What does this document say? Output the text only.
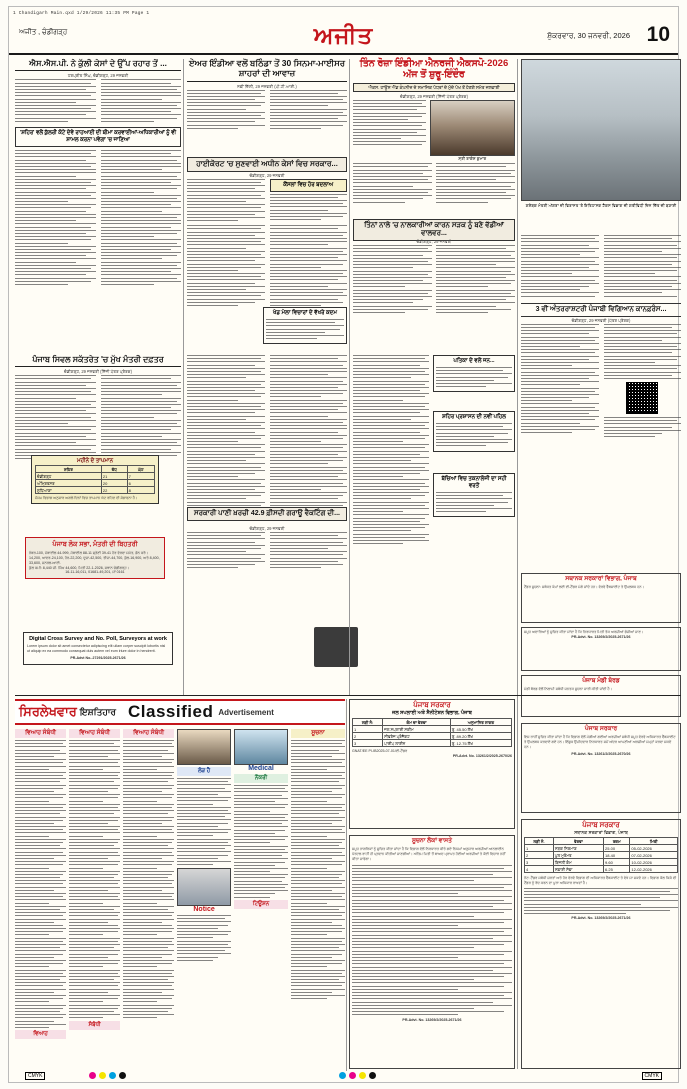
1 Chandigarh Main.qxd 1/29/2026 11:35 PM Page 1
ਅਜੀਤ , ਚੰਡੀਗੜ੍ਹ	ਅਜੀਤ	ਸ਼ੁੱਕਰਵਾਰ, 30 ਜਨਵਰੀ, 2026 10
ਐਸ.ਐਸ.ਪੀ. ਨੇ ਕੁੱਲੀ ਕੇਸਾਂ ਦੇ ਉੱਪ ਰਹਾਰ ਤੋਂ ...
ਹਰਪ੍ਰੀਤ ਸਿੰਘ, ਚੰਡੀਗੜ੍ਹ, 29 ਜਨਵਰੀ
'ਸ਼ਹਿਰ' ਵਲੋਂ ਕੁੱਲਰੀ ਕੋਟੇ ਦੇਵੇ ਰਾਹਆਈ ਦੀ ਬੀਮਾ ਕਰਵਾਈਆਂ-ਅਧਿਕਾਰੀਆਂ ਨੂੰ ਵੀ ਸ਼ਾਮਲ ਕਰਨਾ ਪਵੇਗਾ 'ਚ ਜਾਣਿਆ
ਪੰਜਾਬ ਸਿਵਲ ਸਕੱਤਰੇਤ 'ਚ ਮੁੱਖ ਮੰਤਰੀ ਦਫ਼ਤਰ
ਚੰਡੀਗੜ੍ਹ, 29 ਜਨਵਰੀ (ਨਿੱਜੀ ਪੱਤਰ ਪ੍ਰੇਰਕ)
ਮਹੀਨੇ ਦੇ ਤਾਪਮਾਨ
ਸ਼ਹਿਰ	ਵੱਧ	ਘੱਟ
ਚੰਡੀਗੜ੍ਹ	21	7
ਅੰਮ੍ਰਿਤਸਰ	20	6
ਲੁਧਿਆਣਾ	22	8
ਮੌਸਮ ਵਿਭਾਗ ਅਨੁਸਾਰ ਅਗਲੇ ਦਿਨਾਂ ਵਿਚ ਤਾਪਮਾਨ ਘੱਟ ਰਹਿਣ ਦੀ ਸੰਭਾਵਨਾ ਹੈ।
ਪੰਜਾਬ ਲੋਕ ਸਭਾ, ਮੰਤਰੀ ਦੀ ਬਿਹਤਰੀ
ਨੰਬਰ-100, ਮੋਬਾਈਲ 44-999, ਮੋਬਾਈਲ 88-11 ਸ਼੍ਰੇਣੀ 39-41 ਹੋਰ ਵੇਰਵਾ ਸਮੇਤ, ਫ਼ੋਨ ਕਰੋ।
14,200, ਆਦਰ-24,100, ਹੋਰ-22,200, ਦੂਜਾ-42,500, ਤੀਜਾ-44,700, ਕੁੱਲ-16,900, ਅਤੇ 8,400, 33,600, ਜਨਰਲ-ਆਈ.
ਕੁੱਲ ਕਮੀ: 8,440 ਜੀ. ਸਿੰਘ 44,600, ਮਿਤੀ 22-1-2026, ਸਥਾਨ ਚੰਡੀਗੜ੍ਹ।
16-11-16,011, 01681-49,201, ਜਾਂ 0161
Digital Cross Survey and No. Poll, Surveyors at work
Lorem ipsum dolor sit amet consectetur adipiscing elit ullam corper suscipit lobortis nisl ut aliquip ex ea commodo consequat duis autem vel eum iriure dolor in hendrerit.
PR-Advt No.-27291/2025-2671/26
ਏਅਰ ਇੰਡੀਆ ਵਲੋਂ ਬਠਿੰਡਾ ਤੋਂ 30 ਸਿਨਮਾ-ਮਾਈਸਰ ਸ਼ਾਹਰਾਂ ਦੀ ਆਵਾਜ਼
ਨਵੀਂ ਦਿੱਲੀ, 29 ਜਨਵਰੀ (ਪੀ.ਟੀ.ਆਈ.)
ਹਾਈਕੋਰਟ 'ਚ ਸੁਣਵਾਈ ਅਧੀਨ ਕੇਸਾਂ ਵਿਚ ਸਰਕਾਰ...
ਚੰਡੀਗੜ੍ਹ, 29 ਜਨਵਰੀ
ਕੌਂਸਲਾਂ ਵਿਚ ਹੋਰ ਬਦਲਾਅ
ਖੇਡ ਮੇਲਾ ਵਿਚਾਰਾਂ ਦੇ ਵੱਖਰੇ ਕਦਮ
ਸਰਕਾਰੀ ਪਾਣੀ ਖ਼ਰਚੀ 42.9 ਫ਼ੀਸਦੀ ਗਰਾਊ ਵੈਕਟਿੰਗ ਦੀ...
ਚੰਡੀਗੜ੍ਹ, 29 ਜਨਵਰੀ
ਤਿੰਨ ਰੋਜ਼ਾ ਇੰਡੀਆ ਐਨਰਜੀ ਐਕਸਪੋ-2026 ਅੱਜ ਤੋਂ ਸ਼ੁਰੂ-ਇੰਦੌਰ
ਐਕਸ. ਹਾਊਸ ਐਂਡ ਕੰਪਨੀਜ਼ ਦੇ ਸਮਾਜਿਕ ਪੱਧਰਾਂ ਦੇ ਮੁੱਦੇ ਪੱਖ ਤੋਂ ਹੋਣਗੇ ਸਮੇਤ ਜਲਵਾਈ
ਚੰਡੀਗੜ੍ਹ, 29 ਜਨਵਰੀ (ਨਿੱਜੀ ਪੱਤਰ ਪ੍ਰੇਰਕ)
ਸ਼੍ਰੀ ਰਾਕੇਸ਼ ਕੁਮਾਰ
ਤਿੰਨਾਂ ਨਾਲੇ 'ਚ ਨਾਲਕਾਰੀਆਂ ਕਾਰਨ ਸੜਕ ਨੂੰ ਬਣੇ ਵੱਡੀਆਂ ਵਾਲਵਰ...
ਚੰਡੀਗੜ੍ਹ, 29 ਜਨਵਰੀ
ਪਤਿਕਾ ਦੇ ਵਲੋਂ ਜਨ...
ਸ਼ਹਿਰ ਪ੍ਰਸ਼ਾਸਨ ਦੀ ਨਵੀਂ ਪਹਿਲ
ਬੱਚਿਆਂ ਵਿਚ ਤਕਨਾਲੋਜੀ ਦਾ ਸਹੀ ਵਰਤੋਂ
ਗਏਬਕ ਮੰਤਰੀ ਅੱਗਰਾ ਦੀ ਵਿਰਾਸਤ 'ਤੇ ਇਤਿਹਾਸਕ ਟੈਕਸ ਵਿਭਾਗ ਦੀ ਗਤੀਵਿਧੀ ਦਿਨ ਦਿੱਤ ਦੀ ਬਣਾਈ
3 ਵੀਂ ਅੰਤਰਰਾਸ਼ਟਰੀ ਪੰਜਾਬੀ ਵਿਗਿਆਨ ਕਾਨਫ਼ਰੰਸ...
ਚੰਡੀਗੜ੍ਹ, 29 ਜਨਵਰੀ (ਪੱਤਰ ਪ੍ਰੇਰਕ)
ਸਥਾਨਕ ਸਰਕਾਰਾਂ ਵਿਭਾਗ, ਪੰਜਾਬ
ਟੈਂਡਰ ਸੂਚਨਾ: ਸਬੰਧਤ ਕੰਮਾਂ ਲਈ ਈ-ਟੈਂਡਰ ਮੰਗੇ ਜਾਂਦੇ ਹਨ। ਵੇਰਵੇ ਵੈੱਬਸਾਈਟ ਤੇ ਉਪਲਬਧ ਹਨ।
ਸਮੂਹ ਅਦਾਰਿਆਂ ਨੂੰ ਸੂਚਿਤ ਕੀਤਾ ਜਾਂਦਾ ਹੈ ਕਿ ਨਿਰਧਾਰਤ ਮਿਤੀ ਤੱਕ ਅਰਜ਼ੀਆਂ ਭੇਜੀਆਂ ਜਾਣ।
PR-Advt. No. 13269/2/2025-2671/26
ਪੰਜਾਬ ਮੰਡੀ ਬੋਰਡ
ਮੰਡੀ ਬੋਰਡ ਵੱਲੋਂ ਨਿਲਾਮੀ ਸਬੰਧੀ ਜਨਤਕ ਸੂਚਨਾ ਜਾਰੀ ਕੀਤੀ ਜਾਂਦੀ ਹੈ।
ਸਿਰਲੇਖਵਾਰ ਇਸ਼ਤਿਹਾਰ Classified Advertisement
ਵਿਆਹ ਸੰਬੰਧੀ
ਵਿਆਹ
ਵਿਆਹ ਸੰਬੰਧੀ
ਸੰਬੰਧੀ
ਵਿਆਹ ਸੰਬੰਧੀ
ਲੋੜ ਹੈ
Notice
Medical
ਨੌਕਰੀ
ਟਿਊਸ਼ਨ
ਸੂਚਨਾ
ਪੰਜਾਬ ਸਰਕਾਰ
ਜਲ ਸਪਲਾਈ ਅਤੇ ਸੈਨੀਟੇਸ਼ਨ ਵਿਭਾਗ, ਪੰਜਾਬ
ਲੜੀ ਨੰ:	ਕੰਮ ਦਾ ਵੇਰਵਾ	ਅਨੁਮਾਨਿਤ ਲਾਗਤ
1	ਜਲ ਸਪਲਾਈ ਸਕੀਮ	ਰੁ. 45.50 ਲੱਖ
2	ਸੀਵਰੇਜ ਪ੍ਰੋਜੈਕਟ	ਰੁ. 89.20 ਲੱਖ
3	ਪਾਈਪ ਲਾਈਨ	ਰੁ. 12.75 ਲੱਖ
GNAT/EE PI-IB2025-07-01/ਈ-ਟੈਂਡਰ
PR-Advt. No. 13261/2/2025-2670/26
ਸੂਚਨਾ ਲੋਕਾਂ ਵਾਸਤੇ
ਸਮੂਹ ਨਾਗਰਿਕਾਂ ਨੂੰ ਸੂਚਿਤ ਕੀਤਾ ਜਾਂਦਾ ਹੈ ਕਿ ਵਿਭਾਗ ਵੱਲੋਂ ਨਿਰਧਾਰਤ ਕੀਤੇ ਗਏ ਨਿਯਮਾਂ ਅਨੁਸਾਰ ਅਰਜ਼ੀਆਂ ਆਨਲਾਈਨ ਪੋਰਟਲ ਰਾਹੀਂ ਹੀ ਪ੍ਰਵਾਨ ਕੀਤੀਆਂ ਜਾਣਗੀਆਂ। ਅੰਤਿਮ ਮਿਤੀ ਤੋਂ ਬਾਅਦ ਪ੍ਰਾਪਤ ਹੋਈਆਂ ਅਰਜ਼ੀਆਂ ਤੇ ਕੋਈ ਵਿਚਾਰ ਨਹੀਂ ਕੀਤਾ ਜਾਵੇਗਾ।
PR-Advt. No. 13269/2/2025-2671/26
ਪੰਜਾਬ ਸਰਕਾਰ
ਇਸ ਰਾਹੀਂ ਸੂਚਿਤ ਕੀਤਾ ਜਾਂਦਾ ਹੈ ਕਿ ਵਿਭਾਗ ਵੱਲੋਂ ਮੰਗੀਆਂ ਗਈਆਂ ਅਰਜ਼ੀਆਂ ਸਬੰਧੀ ਸਮੂਹ ਵੇਰਵੇ ਅਧਿਕਾਰਤ ਵੈੱਬਸਾਈਟ ਤੇ ਉਪਲਬਧ ਕਰਵਾਏ ਗਏ ਹਨ। ਇੱਛੁਕ ਉਮੀਦਵਾਰ ਨਿਰਧਾਰਤ ਸਮੇਂ ਅੰਦਰ ਆਪਣੀਆਂ ਅਰਜ਼ੀਆਂ ਜਮ੍ਹਾਂ ਕਰਵਾ ਸਕਦੇ ਹਨ।
PR-Advt. No. 13261/2/2025-2670/26
ਪੰਜਾਬ ਸਰਕਾਰ
ਸਥਾਨਕ ਸਰਕਾਰਾਂ ਵਿਭਾਗ, ਪੰਜਾਬ
ਲੜੀ ਨੰ.	ਵੇਰਵਾ	ਰਕਮ	ਮਿਤੀ
1	ਸੜਕ ਨਿਰਮਾਣ	25.00	05-02-2026
2	ਪੁਲ ਮੁਰੰਮਤ	18.40	07-02-2026
3	ਬਿਜਲੀ ਕੰਮ	9.60	10-02-2026
4	ਸਫ਼ਾਈ ਸੇਵਾ	6.25	12-02-2026
ਨੋਟ: ਟੈਂਡਰ ਸਬੰਧੀ ਸ਼ਰਤਾਂ ਅਤੇ ਹੋਰ ਵੇਰਵੇ ਵਿਭਾਗ ਦੀ ਅਧਿਕਾਰਤ ਵੈੱਬਸਾਈਟ ਤੇ ਵੇਖੇ ਜਾ ਸਕਦੇ ਹਨ। ਵਿਭਾਗ ਕੋਲ ਕਿਸੇ ਵੀ ਟੈਂਡਰ ਨੂੰ ਰੱਦ ਕਰਨ ਦਾ ਪੂਰਾ ਅਧਿਕਾਰ ਰਾਖਵਾਂ ਹੈ।
PR-Advt. No. 13269/2/2025-2671/26
CMYK	CMYK
